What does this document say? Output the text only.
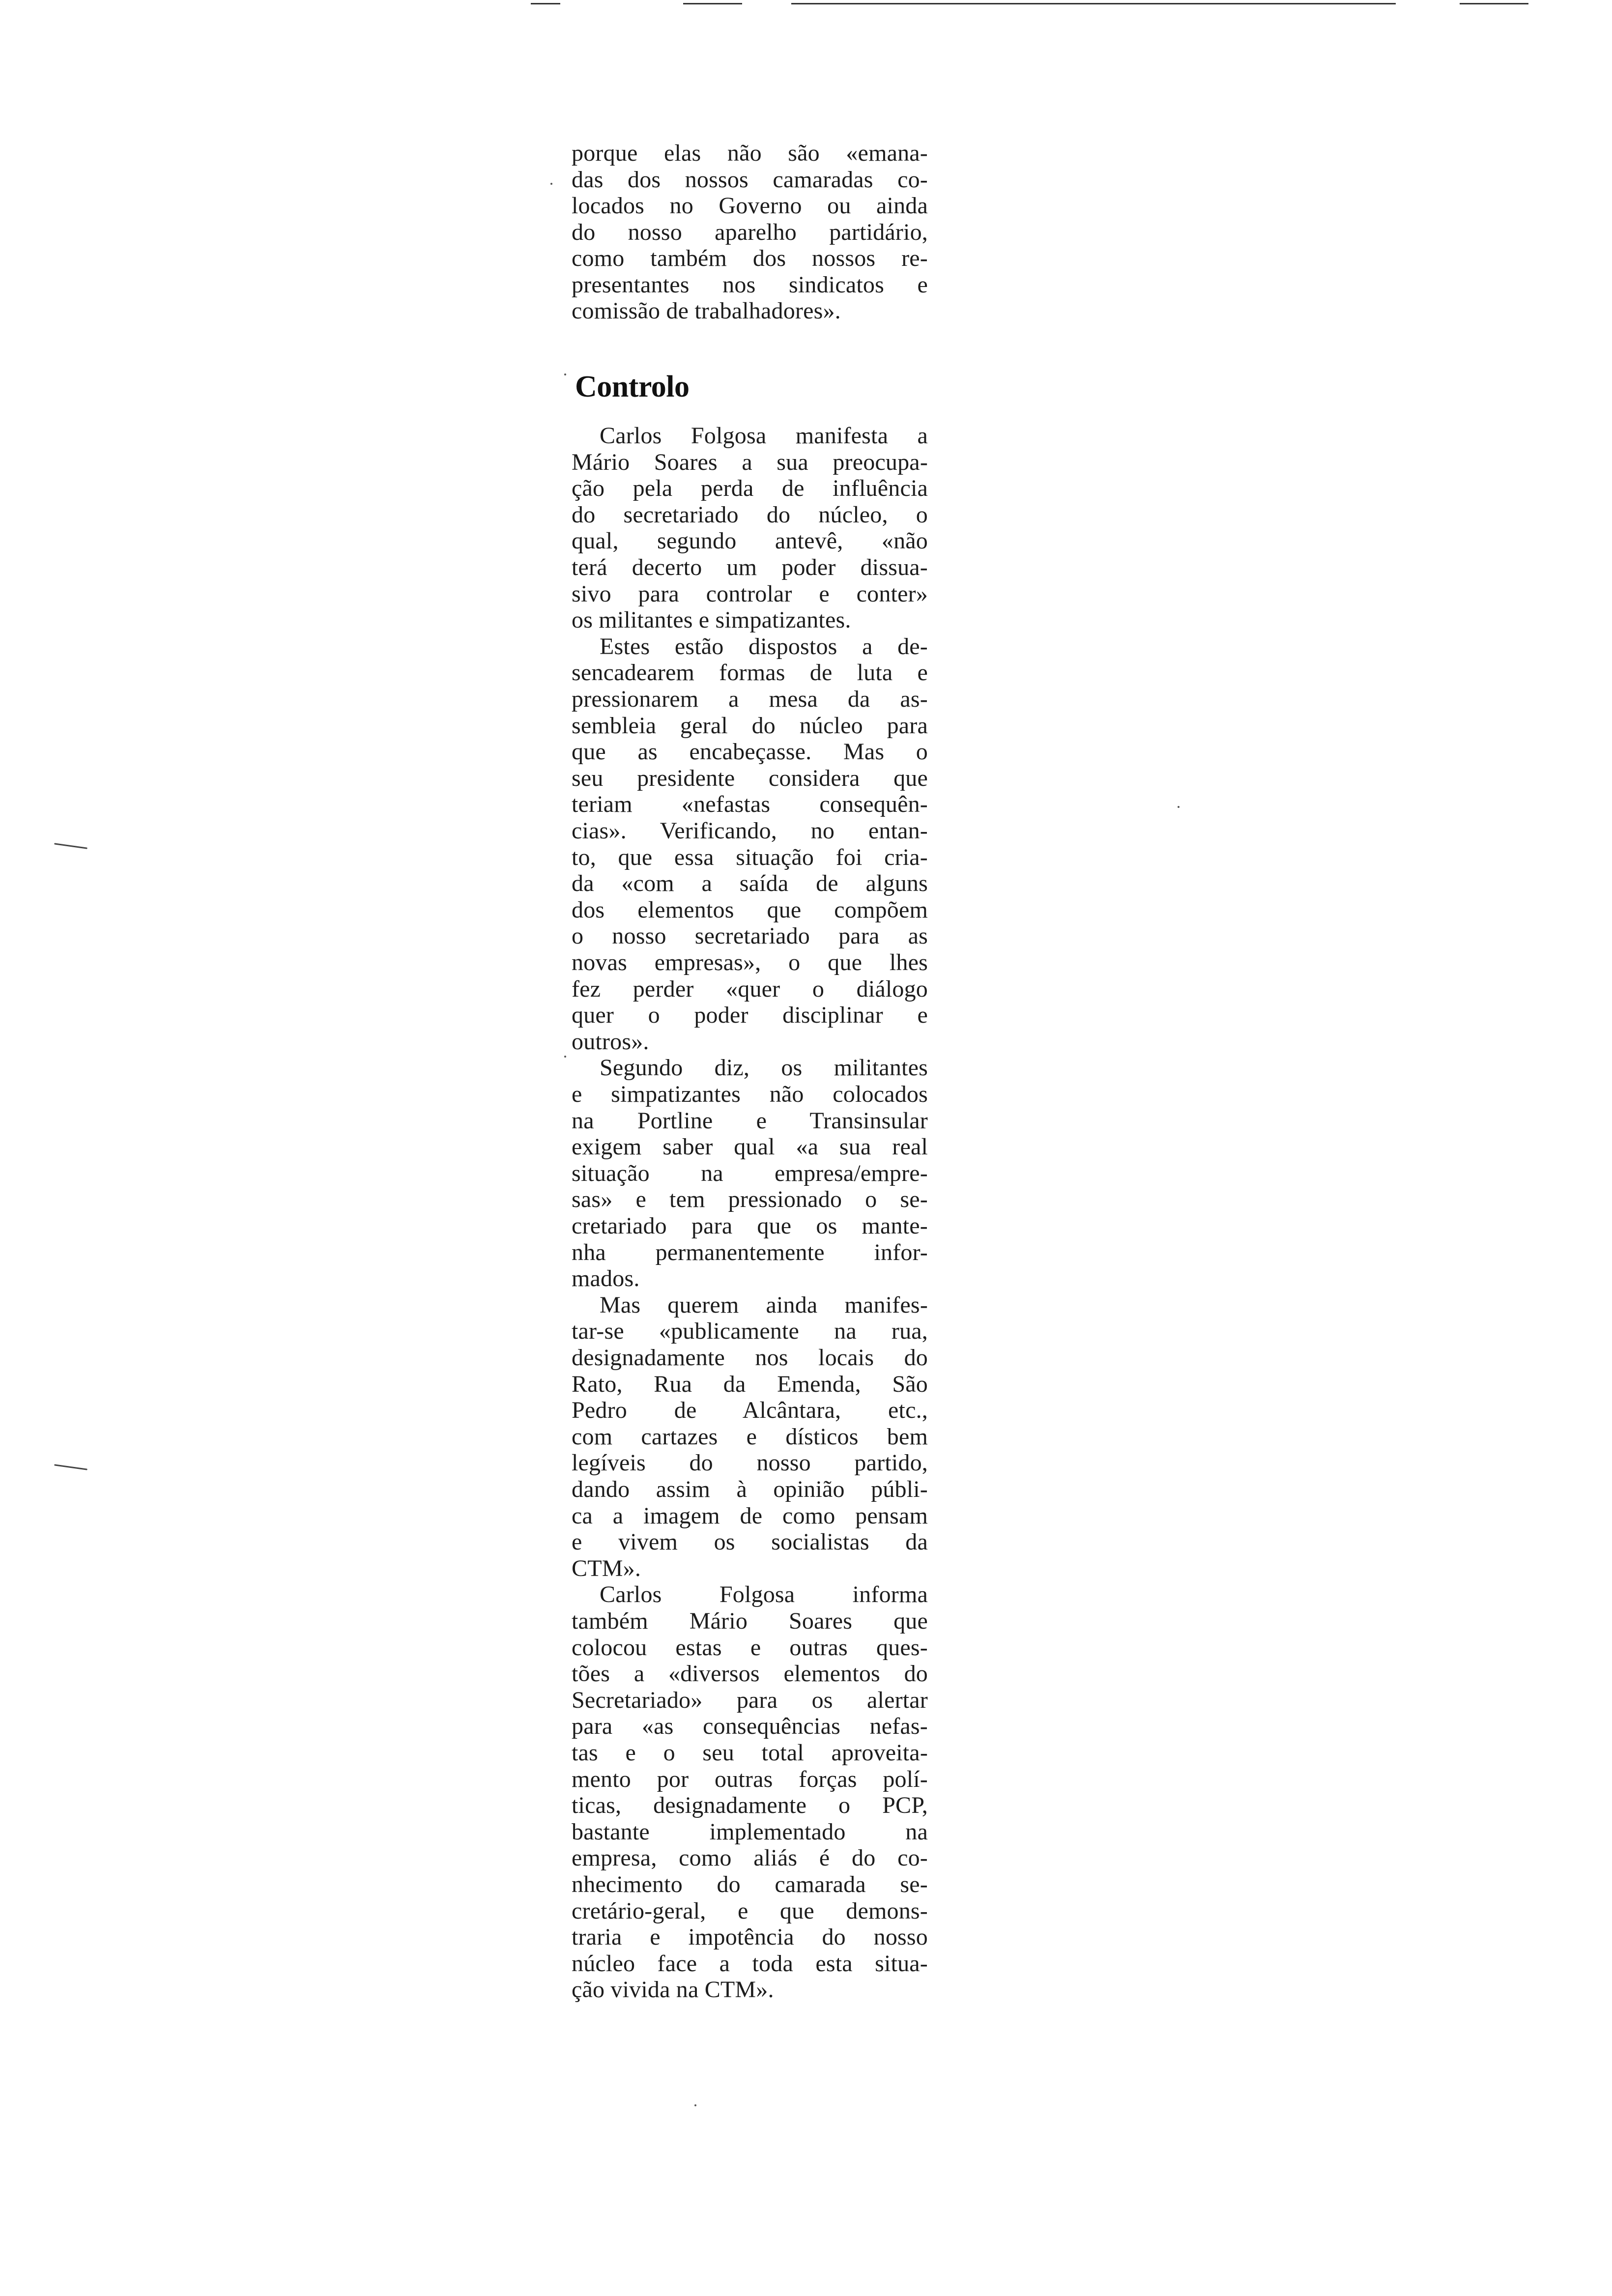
porque elas não são «emana-
das dos nossos camaradas co-
locados no Governo ou ainda
do nosso aparelho partidário,
como também dos nossos re-
presentantes nos sindicatos e
comissão de trabalhadores».
Controlo
Carlos Folgosa manifesta a
Mário Soares a sua preocupa-
ção pela perda de influência
do secretariado do núcleo, o
qual, segundo antevê, «não
terá decerto um poder dissua-
sivo para controlar e conter»
os militantes e simpatizantes.
Estes estão dispostos a de-
sencadearem formas de luta e
pressionarem a mesa da as-
sembleia geral do núcleo para
que as encabeçasse. Mas o
seu presidente considera que
teriam «nefastas consequên-
cias». Verificando, no entan-
to, que essa situação foi cria-
da «com a saída de alguns
dos elementos que compõem
o nosso secretariado para as
novas empresas», o que lhes
fez perder «quer o diálogo
quer o poder disciplinar e
outros».
Segundo diz, os militantes
e simpatizantes não colocados
na Portline e Transinsular
exigem saber qual «a sua real
situação na empresa/empre-
sas» e tem pressionado o se-
cretariado para que os mante-
nha permanentemente infor-
mados.
Mas querem ainda manifes-
tar-se «publicamente na rua,
designadamente nos locais do
Rato, Rua da Emenda, São
Pedro de Alcântara, etc.,
com cartazes e dísticos bem
legíveis do nosso partido,
dando assim à opinião públi-
ca a imagem de como pensam
e vivem os socialistas da
CTM».
Carlos Folgosa informa
também Mário Soares que
colocou estas e outras ques-
tões a «diversos elementos do
Secretariado» para os alertar
para «as consequências nefas-
tas e o seu total aproveita-
mento por outras forças polí-
ticas, designadamente o PCP,
bastante implementado na
empresa, como aliás é do co-
nhecimento do camarada se-
cretário-geral, e que demons-
traria e impotência do nosso
núcleo face a toda esta situa-
ção vivida na CTM».
